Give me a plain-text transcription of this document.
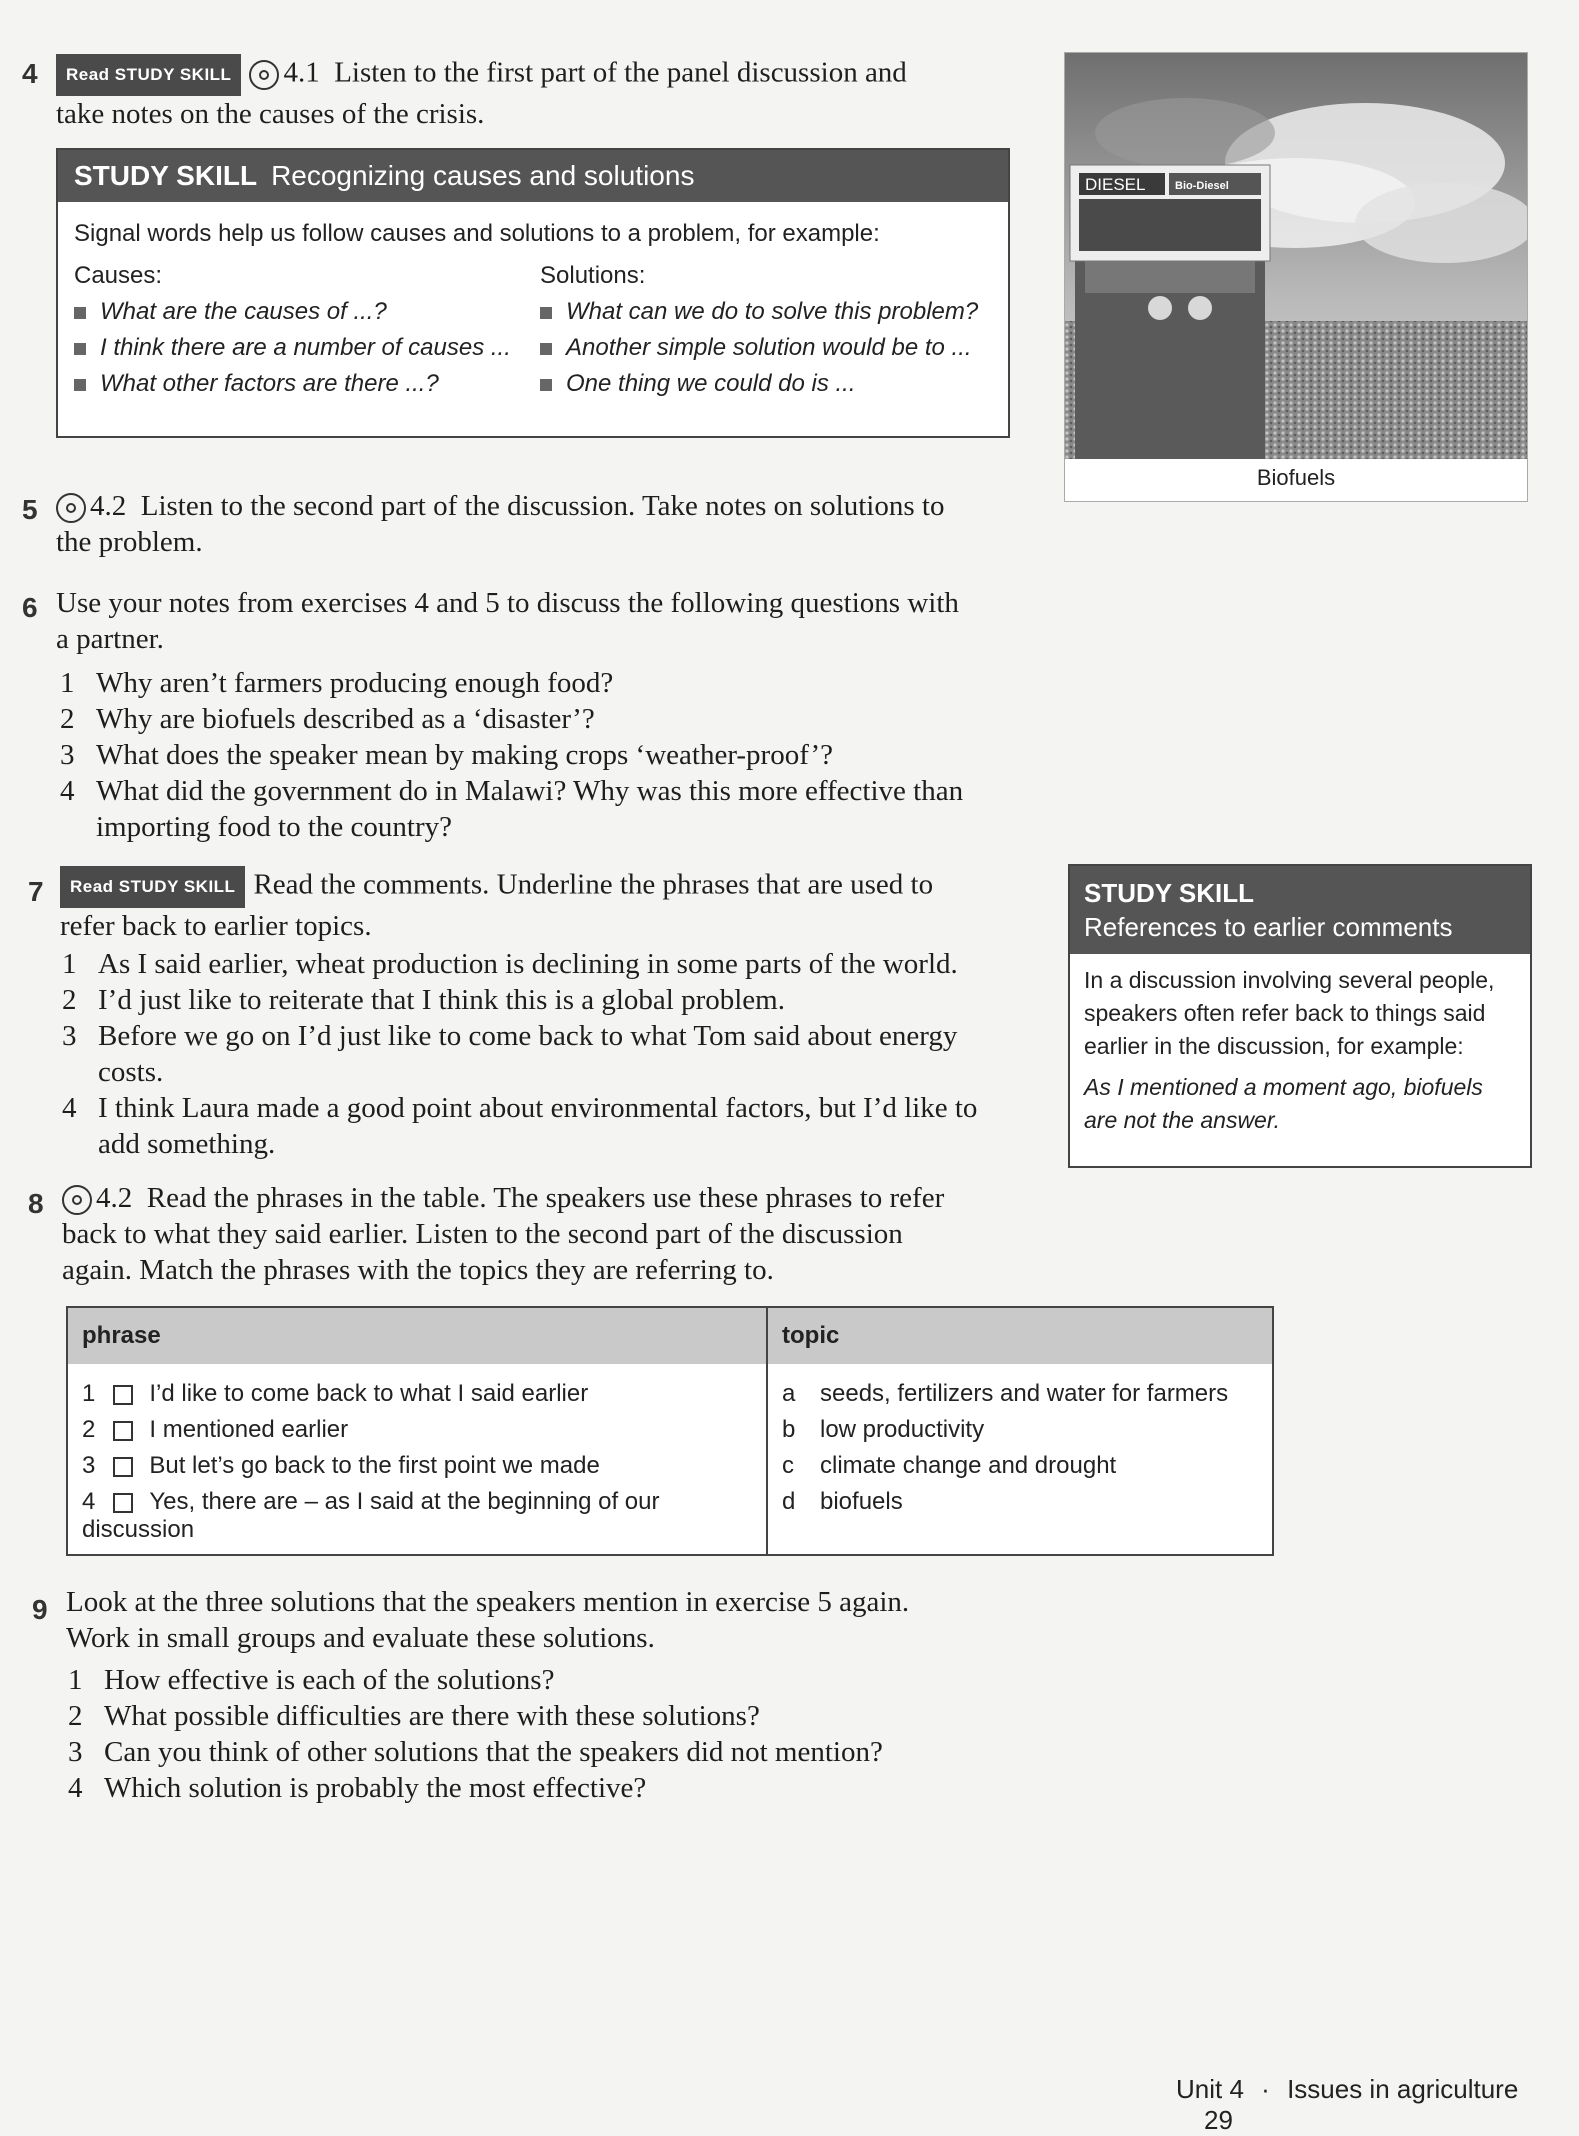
4	Read STUDY SKILL 4.1 Listen to the first part of the panel discussion and
take notes on the causes of the crisis.
STUDY SKILL Recognizing causes and solutions
Signal words help us follow causes and solutions to a problem, for example:
Causes:
What are the causes of ...?
I think there are a number of causes ...
What other factors are there ...?
Solutions:
What can we do to solve this problem?
Another simple solution would be to ...
One thing we could do is ...
DIESEL	Bio-Diesel
Biofuels
5	4.2 Listen to the second part of the discussion. Take notes on solutions to
the problem.
6 Use your notes from exercises 4 and 5 to discuss the following questions with
a partner.
1 Why aren’t farmers producing enough food?
2 Why are biofuels described as a ‘disaster’?
3 What does the speaker mean by making crops ‘weather-proof’?
4 What did the government do in Malawi? Why was this more effective than importing food to the country?
7	Read STUDY SKILL Read the comments. Underline the phrases that are used to
refer back to earlier topics.
1 As I said earlier, wheat production is declining in some parts of the world.
2 I’d just like to reiterate that I think this is a global problem.
3 Before we go on I’d just like to come back to what Tom said about energy costs.
4 I think Laura made a good point about environmental factors, but I’d like to add something.
STUDY SKILL
References to earlier comments
In a discussion involving several people, speakers often refer back to things said earlier in the discussion, for example:
As I mentioned a moment ago, biofuels are not the answer.
8	4.2 Read the phrases in the table. The speakers use these phrases to refer
back to what they said earlier. Listen to the second part of the discussion
again. Match the phrases with the topics they are referring to.
phrase	topic
1 I’d like to come back to what I said earlier	a seeds, fertilizers and water for farmers
2 I mentioned earlier	b low productivity
3 But let’s go back to the first point we made	c climate change and drought
4 Yes, there are – as I said at the beginning of our discussion	d biofuels
9 Look at the three solutions that the speakers mention in exercise 5 again.
Work in small groups and evaluate these solutions.
1 How effective is each of the solutions?
2 What possible difficulties are there with these solutions?
3 Can you think of other solutions that the speakers did not mention?
4 Which solution is probably the most effective?
Unit 4 · Issues in agriculture 29
